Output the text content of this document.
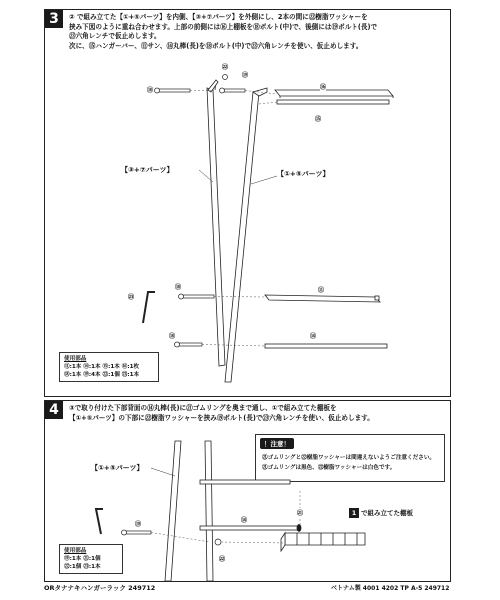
3	② で組み立てた【①+⑤パーツ】を内側、【③+⑦パーツ】を外側にし、2本の間に㉒樹脂ワッシャーを
挟み下図のように重ね合わせます。上部の前側には⑯上棚板を⑱ボルト(中)で、後側には⑲ボルト(長)で
㉓六角レンチで仮止めします。
次に、⑮ハンガーバー、⑪サン、⑭丸棒(長)を⑱ボルト(中)で㉓六角レンチを使い、仮止めします。
【③+⑦パーツ】	【①+⑤パーツ】
⑱
㉒
⑲
⑯
⑮
⑱	⑪
㉓
⑱	⑭
使用部品
⑪:1本 ⑭:1本 ⑮:1本 ⑯:1枚
⑱:1本 ⑲:4本 ㉒:1個 ㉓:1本
4	③で取り付けた下部背面の⑭丸棒(長)に㉑ゴムリングを奥まで通し、①で組み立てた棚板を
【①+⑤パーツ】の下部に㉒樹脂ワッシャーを挟み⑲ボルト(長)で㉓六角レンチを使い、仮止めします。
！注意！
㉑ゴムリングと㉒樹脂ワッシャーは間違えないようご注意ください。
㉑ゴムリングは黒色、㉒樹脂ワッシャーは白色です。
【①+⑤パーツ】
1 で組み立てた棚板
㉑
⑭
⑲
㉒
使用部品
⑲:1本 ㉑:1個
㉒:1個 ㉓:1本
ORタナナキハンガーラック 249712	ベトナム製 4001 4202 TP A-5 249712
